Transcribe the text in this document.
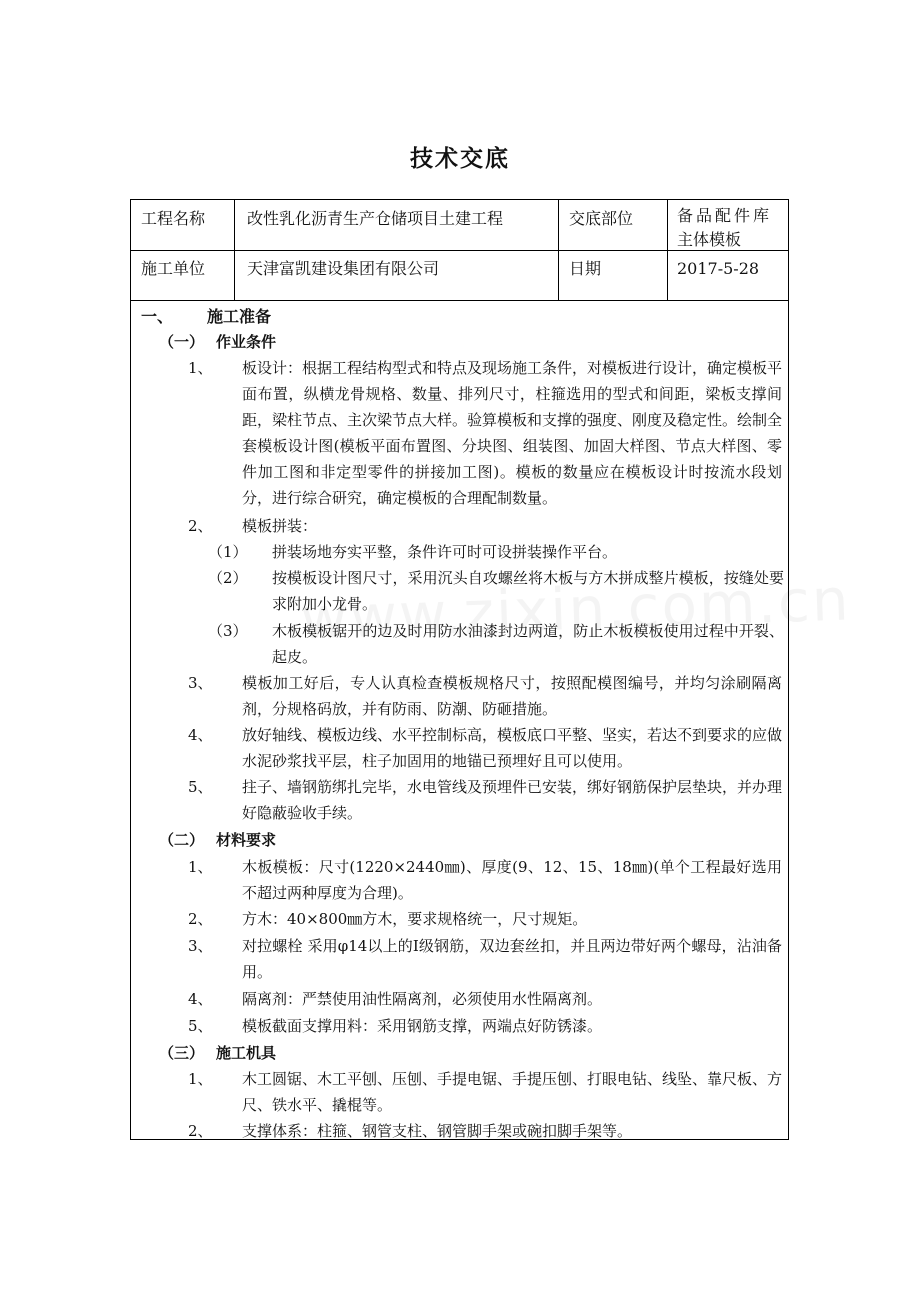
技术交底
工程名称	改性乳化沥青生产仓储项目土建工程	交底部位	备品配件库
主体模板
施工单位	天津富凯建设集团有限公司	日期	2017-5-28
一、 施工准备
（一） 作业条件
1、 板设计：根据工程结构型式和特点及现场施工条件，对模板进行设计，确定模板平面布置，纵横龙骨规格、数量、排列尺寸，柱箍选用的型式和间距，梁板支撑间距，梁柱节点、主次梁节点大样。验算模板和支撑的强度、刚度及稳定性。绘制全套模板设计图(模板平面布置图、分块图、组装图、加固大样图、节点大样图、零件加工图和非定型零件的拼接加工图)。模板的数量应在模板设计时按流水段划分，进行综合研究，确定模板的合理配制数量。
2、 模板拼装：
（1） 拼装场地夯实平整，条件许可时可设拼装操作平台。
（2） 按模板设计图尺寸，采用沉头自攻螺丝将木板与方木拼成整片模板，按缝处要求附加小龙骨。
（3） 木板模板锯开的边及时用防水油漆封边两道，防止木板模板使用过程中开裂、起皮。
3、 模板加工好后，专人认真检查模板规格尺寸，按照配模图编号，并均匀涂刷隔离剂，分规格码放，并有防雨、防潮、防砸措施。
4、 放好轴线、模板边线、水平控制标高，模板底口平整、坚实，若达不到要求的应做水泥砂浆找平层，柱子加固用的地锚已预埋好且可以使用。
5、 拄子、墙钢筋绑扎完毕，水电管线及预埋件已安装，绑好钢筋保护层垫块，并办理好隐蔽验收手续。
（二） 材料要求
1、 木板模板：尺寸(1220×2440㎜)、厚度(9、12、15、18㎜)(单个工程最好选用不超过两种厚度为合理)。
2、 方木：40×800㎜方木，要求规格统一，尺寸规矩。
3、 对拉螺栓 采用φ14以上的Ⅰ级钢筋，双边套丝扣，并且两边带好两个螺母，沾油备用。
4、 隔离剂：严禁使用油性隔离剂，必须使用水性隔离剂。
5、 模板截面支撑用料：采用钢筋支撑，两端点好防锈漆。
（三） 施工机具
1、 木工圆锯、木工平刨、压刨、手提电锯、手提压刨、打眼电钻、线坠、靠尺板、方尺、铁水平、撬棍等。
2、 支撑体系：柱箍、钢管支柱、钢管脚手架或碗扣脚手架等。
